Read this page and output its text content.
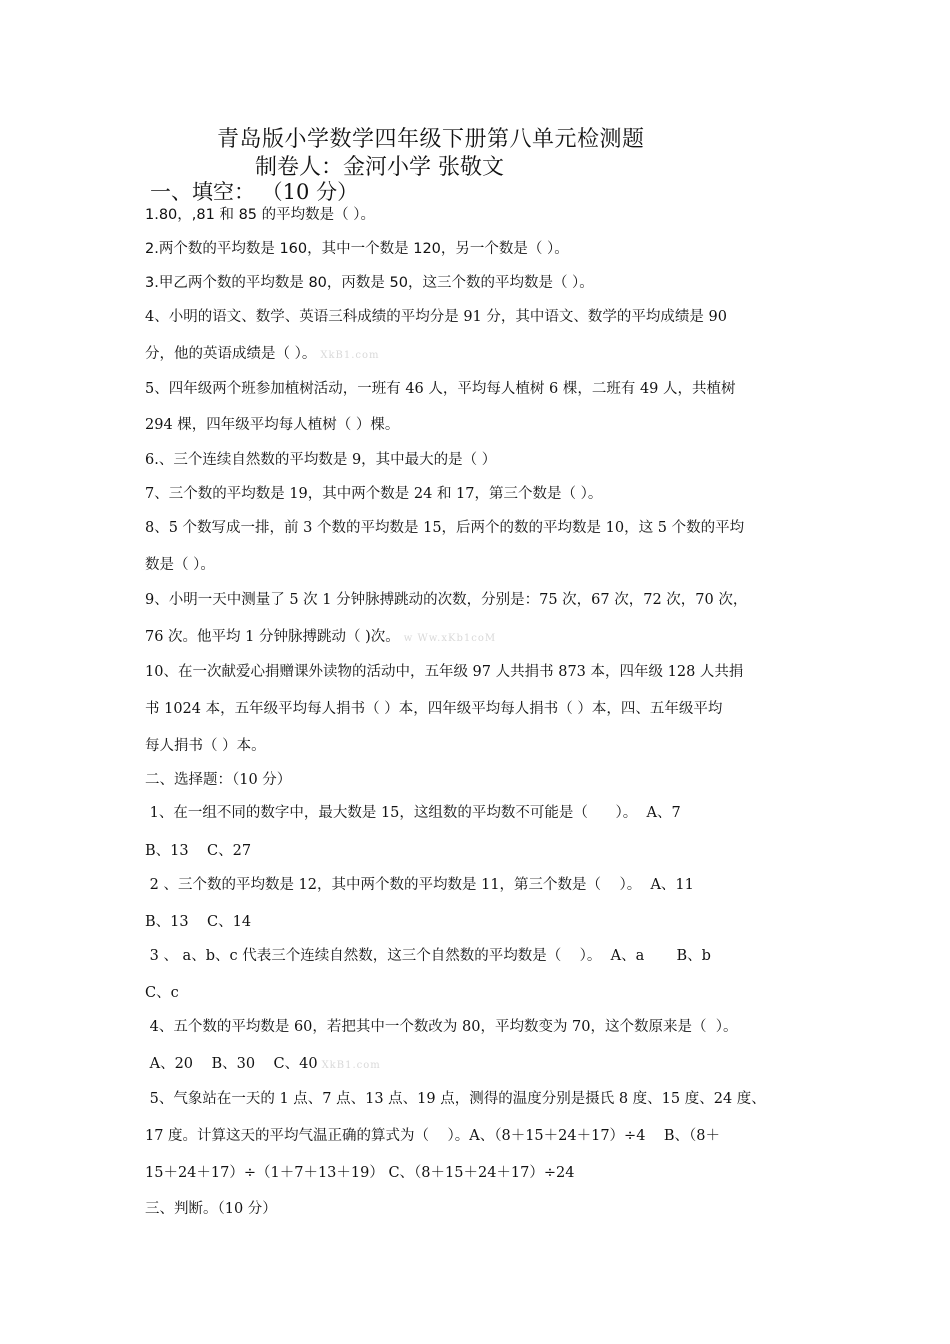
青岛版小学数学四年级下册第八单元检测题
制卷人：金河小学 张敬文
一、填空： （10 分）
1.80，,81 和 85 的平均数是（ ）。
2.两个数的平均数是 160，其中一个数是 120，另一个数是（ ）。
3.甲乙两个数的平均数是 80，丙数是 50，这三个数的平均数是（ ）。
4、小明的语文、数学、英语三科成绩的平均分是 91 分，其中语文、数学的平均成绩是 90
分，他的英语成绩是（ ）。 XkB1.com
5、四年级两个班参加植树活动，一班有 46 人，平均每人植树 6 棵，二班有 49 人，共植树
294 棵，四年级平均每人植树（ ）棵。
6.、三个连续自然数的平均数是 9，其中最大的是（ ）
7、三个数的平均数是 19，其中两个数是 24 和 17，第三个数是（ ）。
8、5 个数写成一排，前 3 个数的平均数是 15，后两个的数的平均数是 10，这 5 个数的平均
数是（ ）。
9、小明一天中测量了 5 次 1 分钟脉搏跳动的次数，分别是：75 次，67 次，72 次，70 次，
76 次。他平均 1 分钟脉搏跳动（ )次。 w Ww.xKb1coM
10、在一次献爱心捐赠课外读物的活动中，五年级 97 人共捐书 873 本，四年级 128 人共捐
书 1024 本，五年级平均每人捐书（ ）本，四年级平均每人捐书（ ）本，四、五年级平均
每人捐书（ ）本。
二、选择题：（10 分）
1、在一组不同的数字中，最大数是 15，这组数的平均数不可能是（      ）。  A、7
B、13    C、27
2 、三个数的平均数是 12，其中两个数的平均数是 11，第三个数是（    ）。  A、11
B、13    C、14
3 、 a、b、c 代表三个连续自然数，这三个自然数的平均数是（    ）。  A、a       B、b
C、c
4、五个数的平均数是 60，若把其中一个数改为 80，平均数变为 70，这个数原来是（  ）。
A、20    B、30    C、40 XkB1.com
5、气象站在一天的 1 点、7 点、13 点、19 点，测得的温度分别是摄氏 8 度、15 度、24 度、
17 度。计算这天的平均气温正确的算式为（    ）。A、（8＋15＋24＋17）÷4    B、（8＋
15＋24＋17）÷（1＋7＋13＋19） C、（8＋15＋24＋17）÷24
三、判断。（10 分）
